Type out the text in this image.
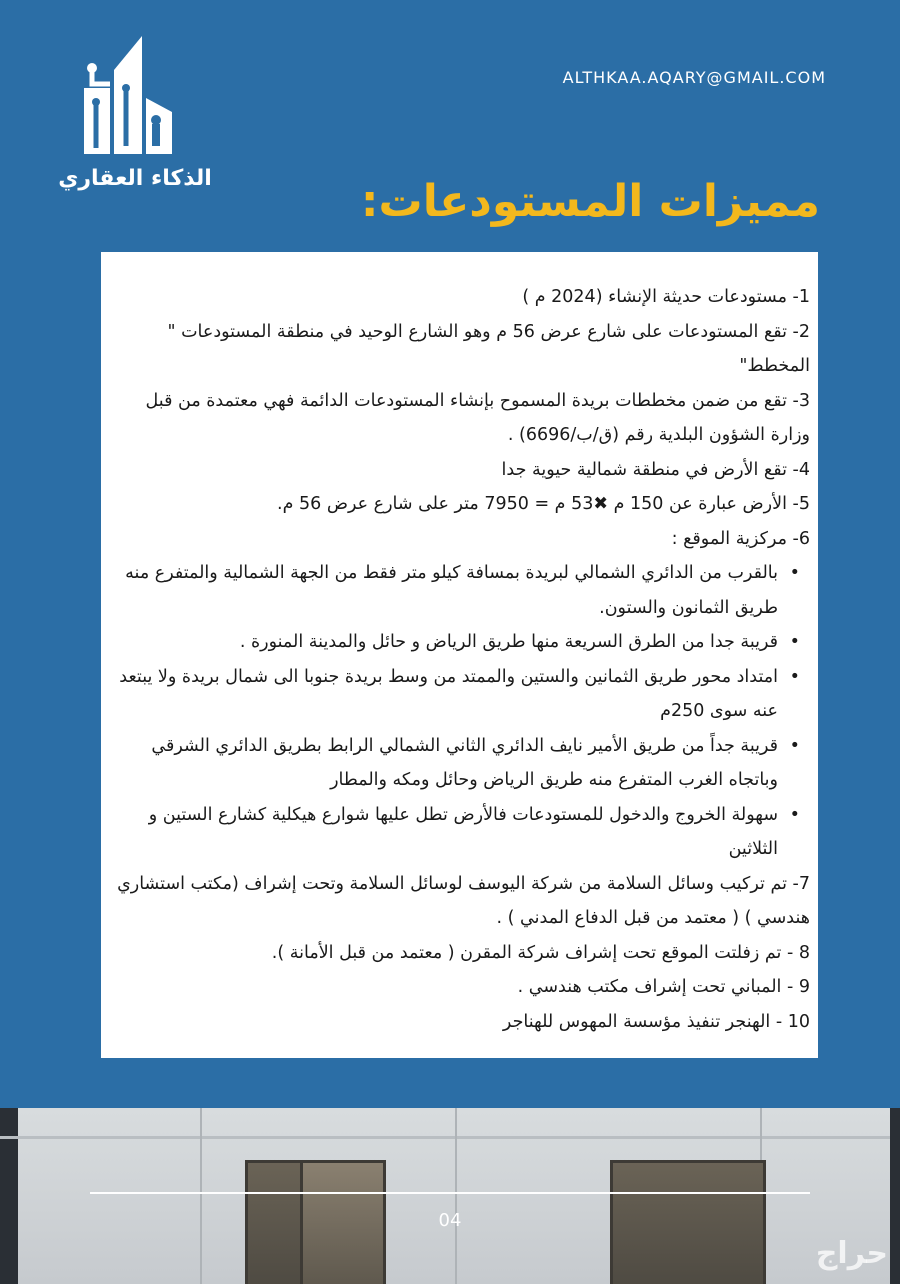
الذكاء العقاري
ALTHKAA.AQARY@GMAIL.COM
مميزات المستودعات:

1- مستودعات حديثة الإنشاء (2024 م )

2- تقع المستودعات على شارع عرض 56 م وهو الشارع الوحيد في منطقة المستودعات " المخطط"

3- تقع من ضمن مخططات بريدة المسموح بإنشاء المستودعات الدائمة فهي معتمدة من قبل وزارة الشؤون البلدية رقم (ق/ب/6696) .

4- تقع الأرض في منطقة شمالية حيوية جدا

5- الأرض عبارة عن 150 م ✖53 م = 7950 متر على شارع عرض 56 م.

6- مركزية الموقع :

• بالقرب من الدائري الشمالي لبريدة بمسافة كيلو متر فقط من الجهة الشمالية والمتفرع منه طريق الثمانون والستون.
• قريبة جدا من الطرق السريعة منها طريق الرياض و حائل والمدينة المنورة .
• امتداد محور طريق الثمانين والستين والممتد من وسط بريدة جنوبا الى شمال بريدة ولا يبتعد عنه سوى 250م
• قريبة جداً من طريق الأمير نايف الدائري الثاني الشمالي الرابط بطريق الدائري الشرقي وباتجاه الغرب المتفرع منه طريق الرياض وحائل ومكه والمطار
• سهولة الخروج والدخول للمستودعات فالأرض تطل عليها شوارع هيكلية كشارع الستين و الثلاثين

7- تم تركيب وسائل السلامة من شركة اليوسف لوسائل السلامة وتحت إشراف (مكتب استشاري هندسي ) ( معتمد من قبل الدفاع المدني ) .

8 - تم زفلتت الموقع تحت إشراف شركة المقرن ( معتمد من قبل الأمانة ).

9 - المباني تحت إشراف مكتب هندسي .

10 - الهنجر تنفيذ مؤسسة المهوس للهناجر

04
حراج
